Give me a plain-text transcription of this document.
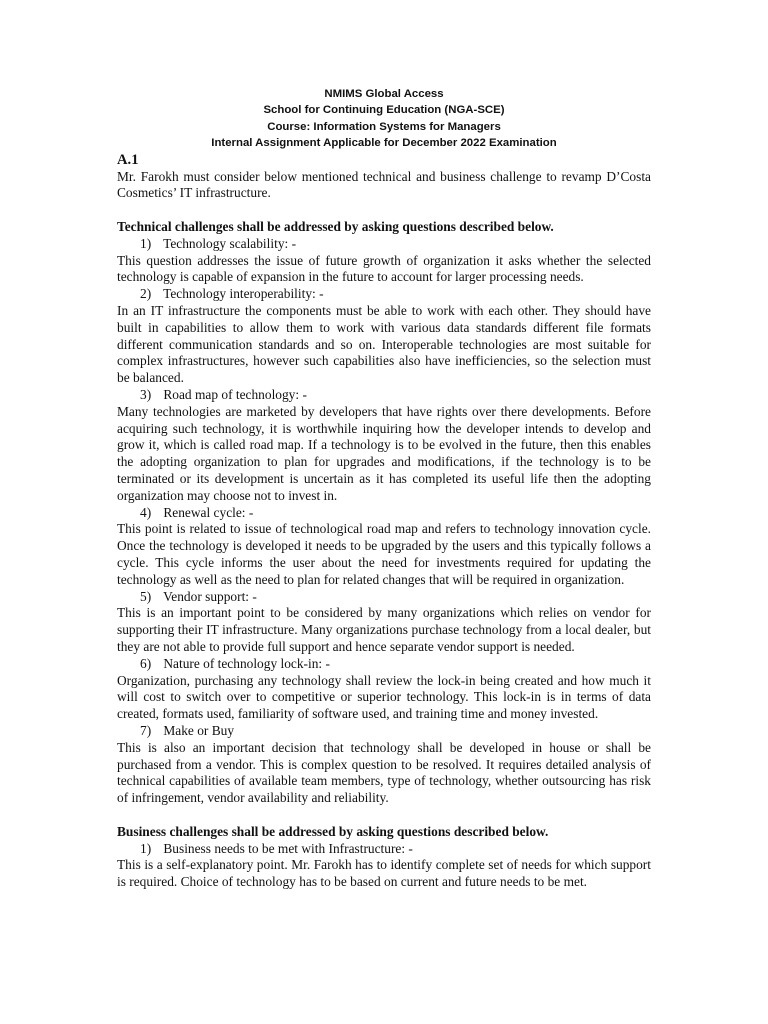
NMIMS Global Access
School for Continuing Education (NGA-SCE)
Course: Information Systems for Managers
Internal Assignment Applicable for December 2022 Examination
A.1

Mr. Farokh must consider below mentioned technical and business challenge to revamp D’Costa Cosmetics’ IT infrastructure.

Technical challenges shall be addressed by asking questions described below.
1) Technology scalability: -

This question addresses the issue of future growth of organization it asks whether the selected technology is capable of expansion in the future to account for larger processing needs.

2) Technology interoperability: -

In an IT infrastructure the components must be able to work with each other. They should have built in capabilities to allow them to work with various data standards different file formats different communication standards and so on. Interoperable technologies are most suitable for complex infrastructures, however such capabilities also have inefficiencies, so the selection must be balanced.

3) Road map of technology: -

Many technologies are marketed by developers that have rights over there developments. Before acquiring such technology, it is worthwhile inquiring how the developer intends to develop and grow it, which is called road map. If a technology is to be evolved in the future, then this enables the adopting organization to plan for upgrades and modifications, if the technology is to be terminated or its development is uncertain as it has completed its useful life then the adopting organization may choose not to invest in.

4) Renewal cycle: -

This point is related to issue of technological road map and refers to technology innovation cycle. Once the technology is developed it needs to be upgraded by the users and this typically follows a cycle. This cycle informs the user about the need for investments required for updating the technology as well as the need to plan for related changes that will be required in organization.

5) Vendor support: -

This is an important point to be considered by many organizations which relies on vendor for supporting their IT infrastructure. Many organizations purchase technology from a local dealer, but they are not able to provide full support and hence separate vendor support is needed.

6) Nature of technology lock-in: -

Organization, purchasing any technology shall review the lock-in being created and how much it will cost to switch over to competitive or superior technology. This lock-in is in terms of data created, formats used, familiarity of software used, and training time and money invested.

7) Make or Buy

This is also an important decision that technology shall be developed in house or shall be purchased from a vendor. This is complex question to be resolved. It requires detailed analysis of technical capabilities of available team members, type of technology, whether outsourcing has risk of infringement, vendor availability and reliability.

Business challenges shall be addressed by asking questions described below.
1) Business needs to be met with Infrastructure: -

This is a self-explanatory point. Mr. Farokh has to identify complete set of needs for which support is required. Choice of technology has to be based on current and future needs to be met.
